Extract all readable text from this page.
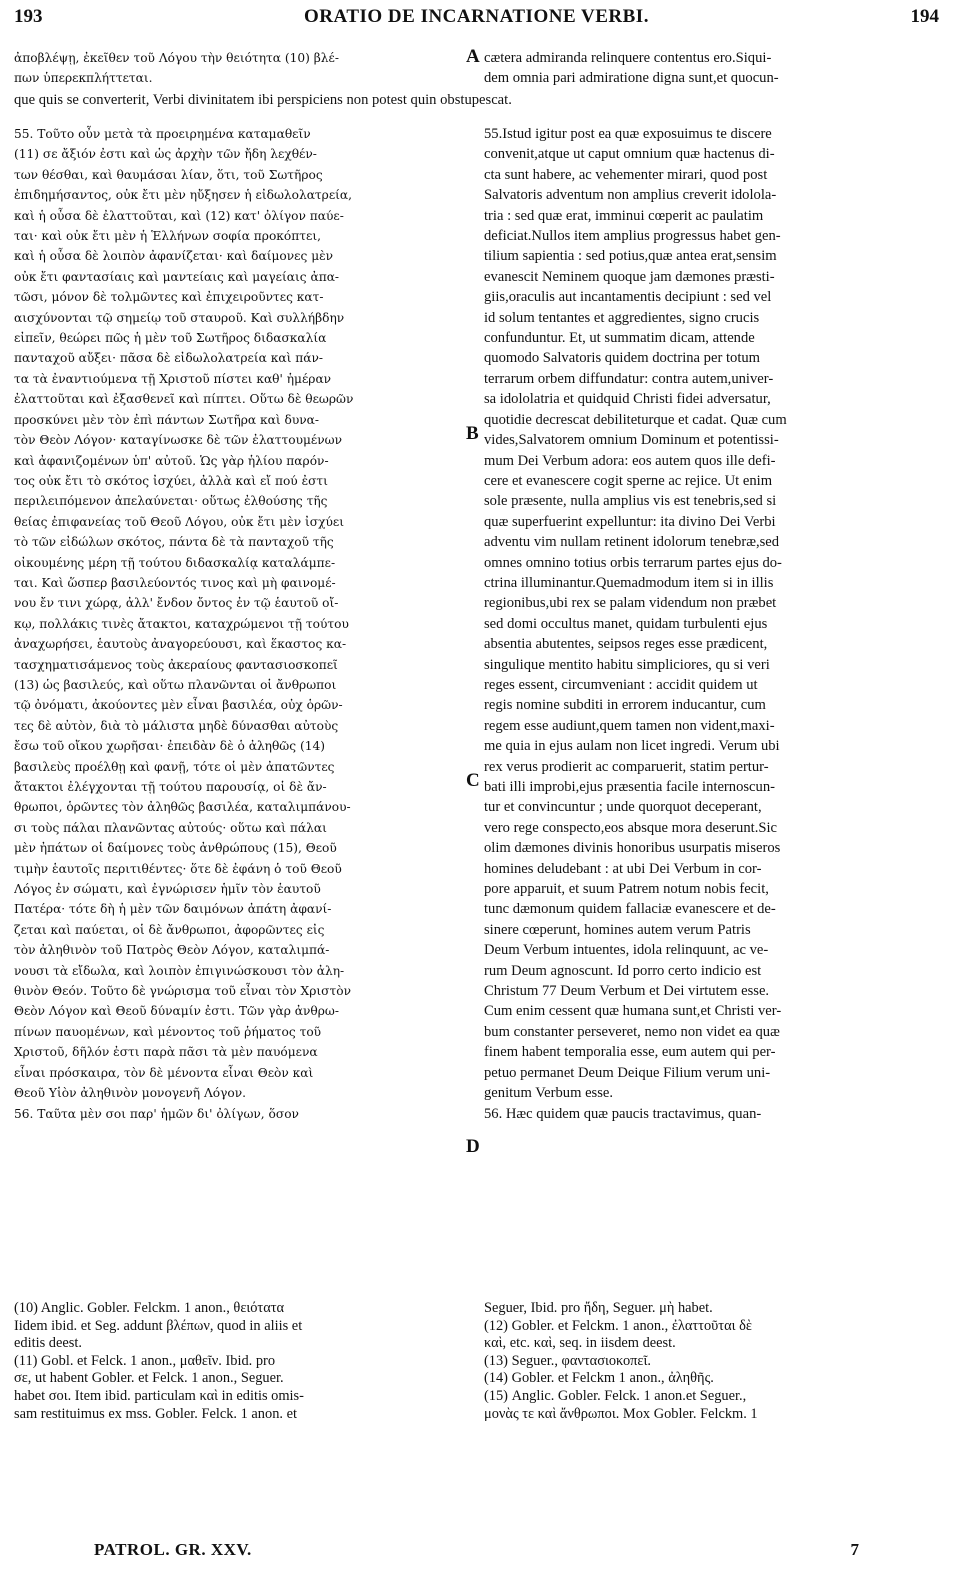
193	ORATIO DE INCARNATIONE VERBI.	194
ἀποβλέψῃ, ἐκεῖθεν τοῦ Λόγου τὴν θειότητα (10) βλέ-
πων ὑπερεκπλήττεται.
A cætera admiranda relinquere contentus ero.Siqui-
dem omnia pari admiratione digna sunt,et quocun-
que quis se converterit, Verbi divinitatem ibi perspiciens non potest quin obstupescat.
55. Τοῦτο οὖν μετὰ τὰ προειρημένα καταμαθεῖν
(11) σε ἄξιόν ἐστι καὶ ὡς ἀρχὴν τῶν ἤδη λεχθέν-
των θέσθαι, καὶ θαυμάσαι λίαν, ὅτι, τοῦ Σωτῆρος
ἐπιδημήσαντος, οὐκ ἔτι μὲν ηὔξησεν ἡ εἰδωλολατρεία,
καὶ ἡ οὖσα δὲ ἐλαττοῦται, καὶ (12) κατ' ὀλίγον παύε-
ται· καὶ οὐκ ἔτι μὲν ἡ Ἑλλήνων σοφία προκόπτει,
καὶ ἡ οὖσα δὲ λοιπὸν ἀφανίζεται· καὶ δαίμονες μὲν
οὐκ ἔτι φαντασίαις καὶ μαντείαις καὶ μαγείαις ἀπα-
τῶσι, μόνον δὲ τολμῶντες καὶ ἐπιχειροῦντες κατ-
αισχύνονται τῷ σημείῳ τοῦ σταυροῦ. Καὶ συλλήβδην
εἰπεῖν, θεώρει πῶς ἡ μὲν τοῦ Σωτῆρος διδασκαλία
πανταχοῦ αὔξει· πᾶσα δὲ εἰδωλολατρεία καὶ πάν-
τα τὰ ἐναντιούμενα τῇ Χριστοῦ πίστει καθ' ἡμέραν
ἐλαττοῦται καὶ ἐξασθενεῖ καὶ πίπτει. Οὕτω δὲ θεωρῶν
προσκύνει μὲν τὸν ἐπὶ πάντων Σωτῆρα καὶ δυνα-
τὸν Θεὸν Λόγον· καταγίνωσκε δὲ τῶν ἐλαττουμένων
καὶ ἀφανιζομένων ὑπ' αὐτοῦ. Ὡς γὰρ ἡλίου παρόν-
τος οὐκ ἔτι τὸ σκότος ἰσχύει, ἀλλὰ καὶ εἴ πού ἐστι
περιλειπόμενον ἀπελαύνεται· οὕτως ἐλθούσης τῆς
θείας ἐπιφανείας τοῦ Θεοῦ Λόγου, οὐκ ἔτι μὲν ἰσχύει
τὸ τῶν εἰδώλων σκότος, πάντα δὲ τὰ πανταχοῦ τῆς
οἰκουμένης μέρη τῇ τούτου διδασκαλίᾳ καταλάμπε-
ται. Καὶ ὥσπερ βασιλεύοντός τινος καὶ μὴ φαινομέ-
νου ἔν τινι χώρᾳ, ἀλλ' ἔνδον ὄντος ἐν τῷ ἑαυτοῦ οἴ-
κῳ, πολλάκις τινὲς ἄτακτοι, καταχρώμενοι τῇ τούτου
ἀναχωρήσει, ἑαυτοὺς ἀναγορεύουσι, καὶ ἕκαστος κα-
τασχηματισάμενος τοὺς ἀκεραίους φαντασιοσκοπεῖ
(13) ὡς βασιλεύς, καὶ οὕτω πλανῶνται οἱ ἄνθρωποι
τῷ ὀνόματι, ἀκούοντες μὲν εἶναι βασιλέα, οὐχ ὁρῶν-
τες δὲ αὐτὸν, διὰ τὸ μάλιστα μηδὲ δύνασθαι αὐτοὺς
ἔσω τοῦ οἴκου χωρῆσαι· ἐπειδὰν δὲ ὁ ἀληθῶς (14)
βασιλεὺς προέλθῃ καὶ φανῇ, τότε οἱ μὲν ἀπατῶντες
ἄτακτοι ἐλέγχονται τῇ τούτου παρουσίᾳ, οἱ δὲ ἄν-
θρωποι, ὁρῶντες τὸν ἀληθῶς βασιλέα, καταλιμπάνου-
σι τοὺς πάλαι πλανῶντας αὐτούς· οὕτω καὶ πάλαι
μὲν ἠπάτων οἱ δαίμονες τοὺς ἀνθρώπους (15), Θεοῦ
τιμὴν ἑαυτοῖς περιτιθέντες· ὅτε δὲ ἐφάνη ὁ τοῦ Θεοῦ
Λόγος ἐν σώματι, καὶ ἐγνώρισεν ἡμῖν τὸν ἑαυτοῦ
Πατέρα· τότε δὴ ἡ μὲν τῶν δαιμόνων ἀπάτη ἀφανί-
ζεται καὶ παύεται, οἱ δὲ ἄνθρωποι, ἀφορῶντες εἰς
τὸν ἀληθινὸν τοῦ Πατρὸς Θεὸν Λόγον, καταλιμπά-
νουσι τὰ εἴδωλα, καὶ λοιπὸν ἐπιγινώσκουσι τὸν ἀλη-
θινὸν Θεόν. Τοῦτο δὲ γνώρισμα τοῦ εἶναι τὸν Χριστὸν
Θεὸν Λόγον καὶ Θεοῦ δύναμίν ἐστι. Τῶν γὰρ ἀνθρω-
πίνων παυομένων, καὶ μένοντος τοῦ ῥήματος τοῦ
Χριστοῦ, δῆλόν ἐστι παρὰ πᾶσι τὰ μὲν παυόμενα
εἶναι πρόσκαιρα, τὸν δὲ μένοντα εἶναι Θεὸν καὶ
Θεοῦ Υἱὸν ἀληθινὸν μονογενῆ Λόγον.
56. Ταῦτα μὲν σοι παρ' ἡμῶν δι' ὀλίγων, ὅσον
55.Istud igitur post ea quæ exposuimus te discere
convenit,atque ut caput omnium quæ hactenus di-
cta sunt habere, ac vehementer mirari, quod post
Salvatoris adventum non amplius creverit idolola-
tria : sed quæ erat, imminui cœperit ac paulatim
deficiat.Nullos item amplius progressus habet gen-
tilium sapientia : sed potius,quæ antea erat,sensim
evanescit Neminem quoque jam dæmones præsti-
giis,oraculis aut incantamentis decipiunt : sed vel
id solum tentantes et aggredientes, signo crucis
confunduntur. Et, ut summatim dicam, attende
quomodo Salvatoris quidem doctrina per totum
terrarum orbem diffundatur: contra autem,univer-
sa idololatria et quidquid Christi fidei adversatur,
quotidie decrescat debiliteturque et cadat. Quæ cum
vides,Salvatorem omnium Dominum et potentissi-
mum Dei Verbum adora: eos autem quos ille defi-
cere et evanescere cogit sperne ac rejice. Ut enim
sole præsente, nulla amplius vis est tenebris,sed si
quæ superfuerint expelluntur: ita divino Dei Verbi
adventu vim nullam retinent idolorum tenebræ,sed
omnes omnino totius orbis terrarum partes ejus do-
ctrina illuminantur.Quemadmodum item si in illis
regionibus,ubi rex se palam videndum non præbet
sed domi occultus manet, quidam turbulenti ejus
absentia abutentes, seipsos reges esse prædicent,
singulique mentito habitu simpliciores, qu si veri
reges essent, circumveniant : accidit quidem ut
regis nomine subditi in errorem inducantur, cum
regem esse audiunt,quem tamen non vident,maxi-
me quia in ejus aulam non licet ingredi. Verum ubi
rex verus prodierit ac comparuerit, statim pertur-
bati illi improbi,ejus præsentia facile internoscun-
tur et convincuntur ; unde quorquot deceperant,
vero rege conspecto,eos absque mora deserunt.Sic
olim dæmones divinis honoribus usurpatis miseros
homines deludebant : at ubi Dei Verbum in cor-
pore apparuit, et suum Patrem notum nobis fecit,
tunc dæmonum quidem fallaciæ evanescere et de-
sinere cœperunt, homines autem verum Patris
Deum Verbum intuentes, idola relinquunt, ac ve-
rum Deum agnoscunt. Id porro certo indicio est
Christum 77 Deum Verbum et Dei virtutem esse.
Cum enim cessent quæ humana sunt,et Christi ver-
bum constanter perseveret, nemo non videt ea quæ
finem habent temporalia esse, eum autem qui per-
petuo permanet Deum Deique Filium verum uni-
genitum Verbum esse.
56. Hæc quidem quæ paucis tractavimus, quan-
B
C
D
(10) Anglic. Gobler. Felckm. 1 anon., θειότατα
Iidem ibid. et Seg. addunt βλέπων, quod in aliis et
editis deest.
(11) Gobl. et Felck. 1 anon., μαθεῖν. Ibid. pro
σε, ut habent Gobler. et Felck. 1 anon., Seguer.
habet σοι. Item ibid. particulam καὶ in editis omis-
sam restituimus ex mss. Gobler. Felck. 1 anon. et
Seguer, Ibid. pro ἤδη, Seguer. μὴ habet.
(12) Gobler. et Felckm. 1 anon., ἐλαττοῦται δὲ
καὶ, etc. καὶ, seq. in iisdem deest.
(13) Seguer., φαντασιοκοπεῖ.
(14) Gobler. et Felckm 1 anon., ἀληθῆς.
(15) Anglic. Gobler. Felck. 1 anon.et Seguer.,
μονὰς τε καὶ ἄνθρωποι. Mox Gobler. Felckm. 1
PATROL. GR. XXV.	7
